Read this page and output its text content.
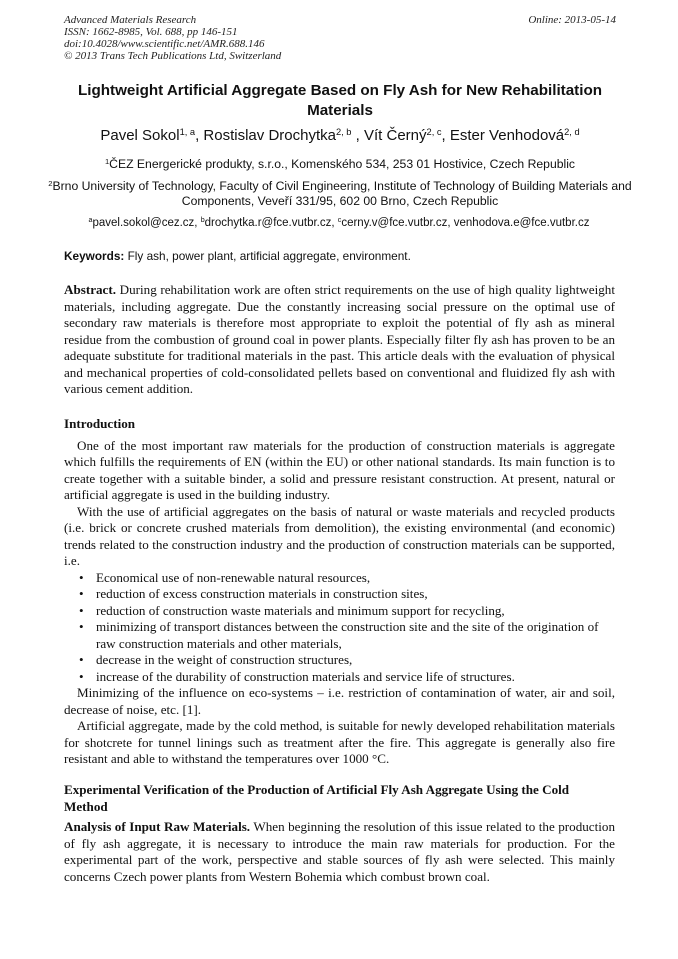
Advanced Materials Research
ISSN: 1662-8985, Vol. 688, pp 146-151
doi:10.4028/www.scientific.net/AMR.688.146
© 2013 Trans Tech Publications Ltd, Switzerland
Online: 2013-05-14
Lightweight Artificial Aggregate Based on Fly Ash for New Rehabilitation Materials
Pavel Sokol$^{1, a}$, Rostislav Drochytka$^{2, b}$ , Vít Černý$^{2, c}$, Ester Venhodová$^{2, d}$
$^1$ČEZ Energerické produkty, s.r.o., Komenského 534, 253 01 Hostivice, Czech Republic
$^2$Brno University of Technology, Faculty of Civil Engineering, Institute of Technology of Building Materials and Components, Veveří 331/95, 602 00 Brno, Czech Republic
$^a$pavel.sokol@cez.cz, $^b$drochytka.r@fce.vutbr.cz, $^c$cerny.v@fce.vutbr.cz, venhodova.e@fce.vutbr.cz
Keywords: Fly ash, power plant, artificial aggregate, environment.

Abstract. During rehabilitation work are often strict requirements on the use of high quality lightweight materials, including aggregate. Due the constantly increasing social pressure on the optimal use of secondary raw materials is therefore most appropriate to exploit the potential of fly ash as mineral residue from the combustion of ground coal in power plants. Especially filter fly ash has proven to be an adequate substitute for traditional materials in the past. This article deals with the evaluation of physical and mechanical properties of cold-consolidated pellets based on conventional and fluidized fly ash with various cement addition.

Introduction

One of the most important raw materials for the production of construction materials is aggregate which fulfills the requirements of EN (within the EU) or other national standards. Its main function is to create together with a suitable binder, a solid and pressure resistant construction. At present, natural or artificial aggregate is used in the building industry.

With the use of artificial aggregates on the basis of natural or waste materials and recycled products (i.e. brick or concrete crushed materials from demolition), the existing environmental (and economic) trends related to the construction industry and the production of construction materials can be supported, i.e.

• Economical use of non-renewable natural resources,
• reduction of excess construction materials in construction sites,
• reduction of construction waste materials and minimum support for recycling,
• minimizing of transport distances between the construction site and the site of the origination of raw construction materials and other materials,
• decrease in the weight of construction structures,
• increase of the durability of construction materials and service life of structures.

Minimizing of the influence on eco-systems – i.e. restriction of contamination of water, air and soil, decrease of noise, etc. [1].

Artificial aggregate, made by the cold method, is suitable for newly developed rehabilitation materials for shotcrete for tunnel linings such as treatment after the fire. This aggregate is generally also fire resistant and able to withstand the temperatures over 1000 °C.

Experimental Verification of the Production of Artificial Fly Ash Aggregate Using the Cold Method

Analysis of Input Raw Materials. When beginning the resolution of this issue related to the production of fly ash aggregate, it is necessary to introduce the main raw materials for production. For the experimental part of the work, perspective and stable sources of fly ash were selected. This mainly concerns Czech power plants from Western Bohemia which combust brown coal.
